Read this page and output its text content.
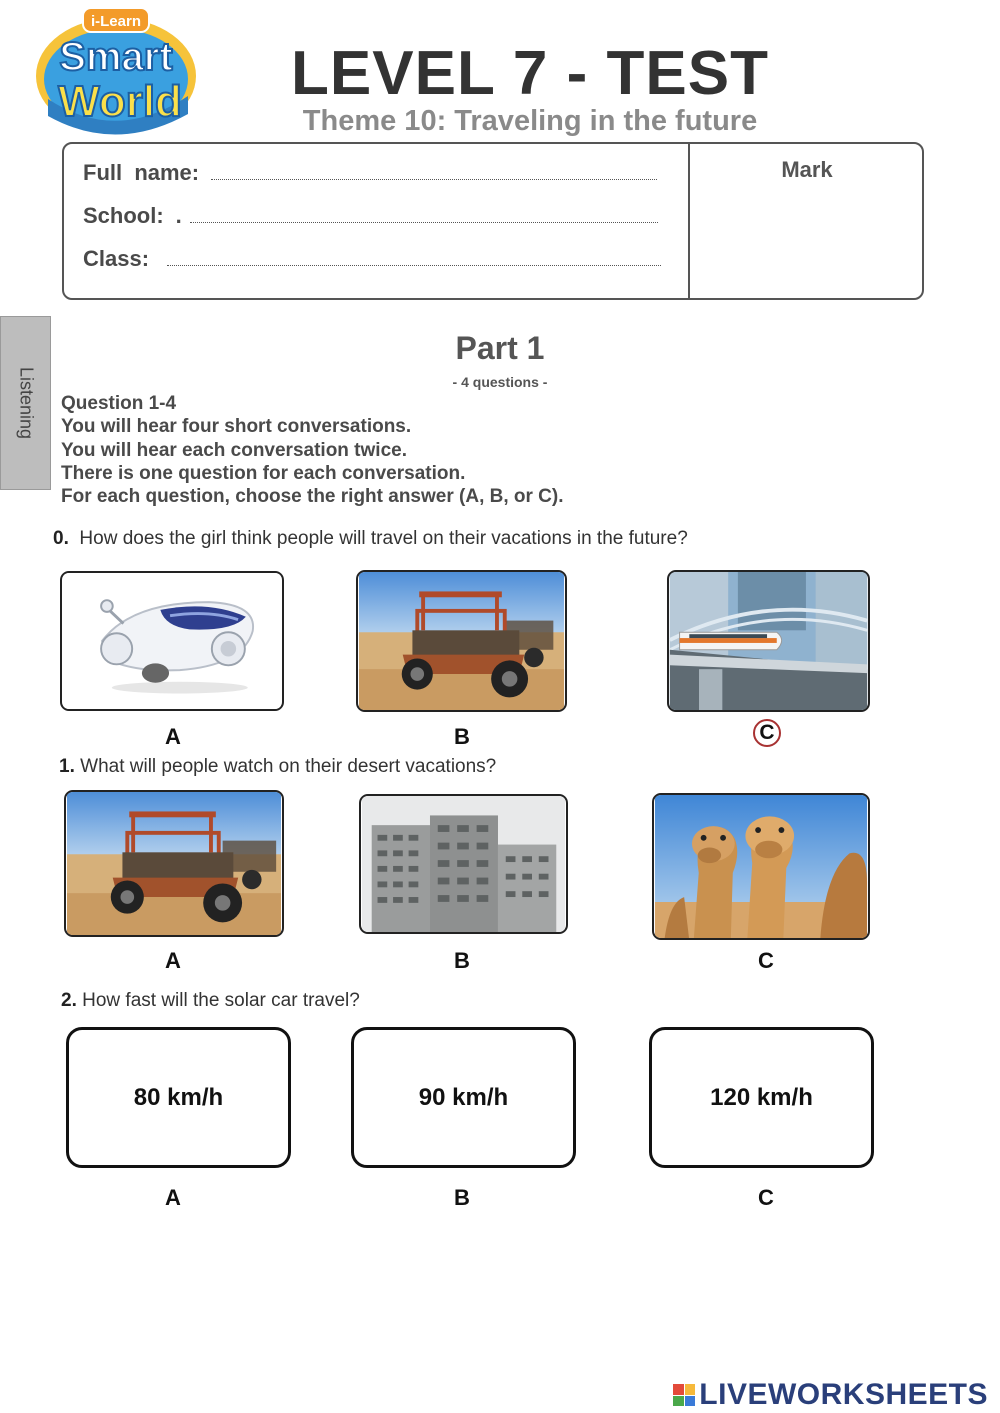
i-Learn
Smart
World	LEVEL 7 - TEST
Theme 10: Traveling in the future
Mark
Full  name:
School: .
Class:
Listening
Part 1
- 4 questions -
Question 1-4
You will hear four short conversations.
You will hear each conversation twice.
There is one question for each conversation.
For each question, choose the right answer (A, B, or C).
0. How does the girl think people will travel on their vacations in the future?
A	B	C
1. What will people watch on their desert vacations?
A	B	C
2. How fast will the solar car travel?
80 km/h	90 km/h	120 km/h
A	B	C
LIVEWORKSHEETS
